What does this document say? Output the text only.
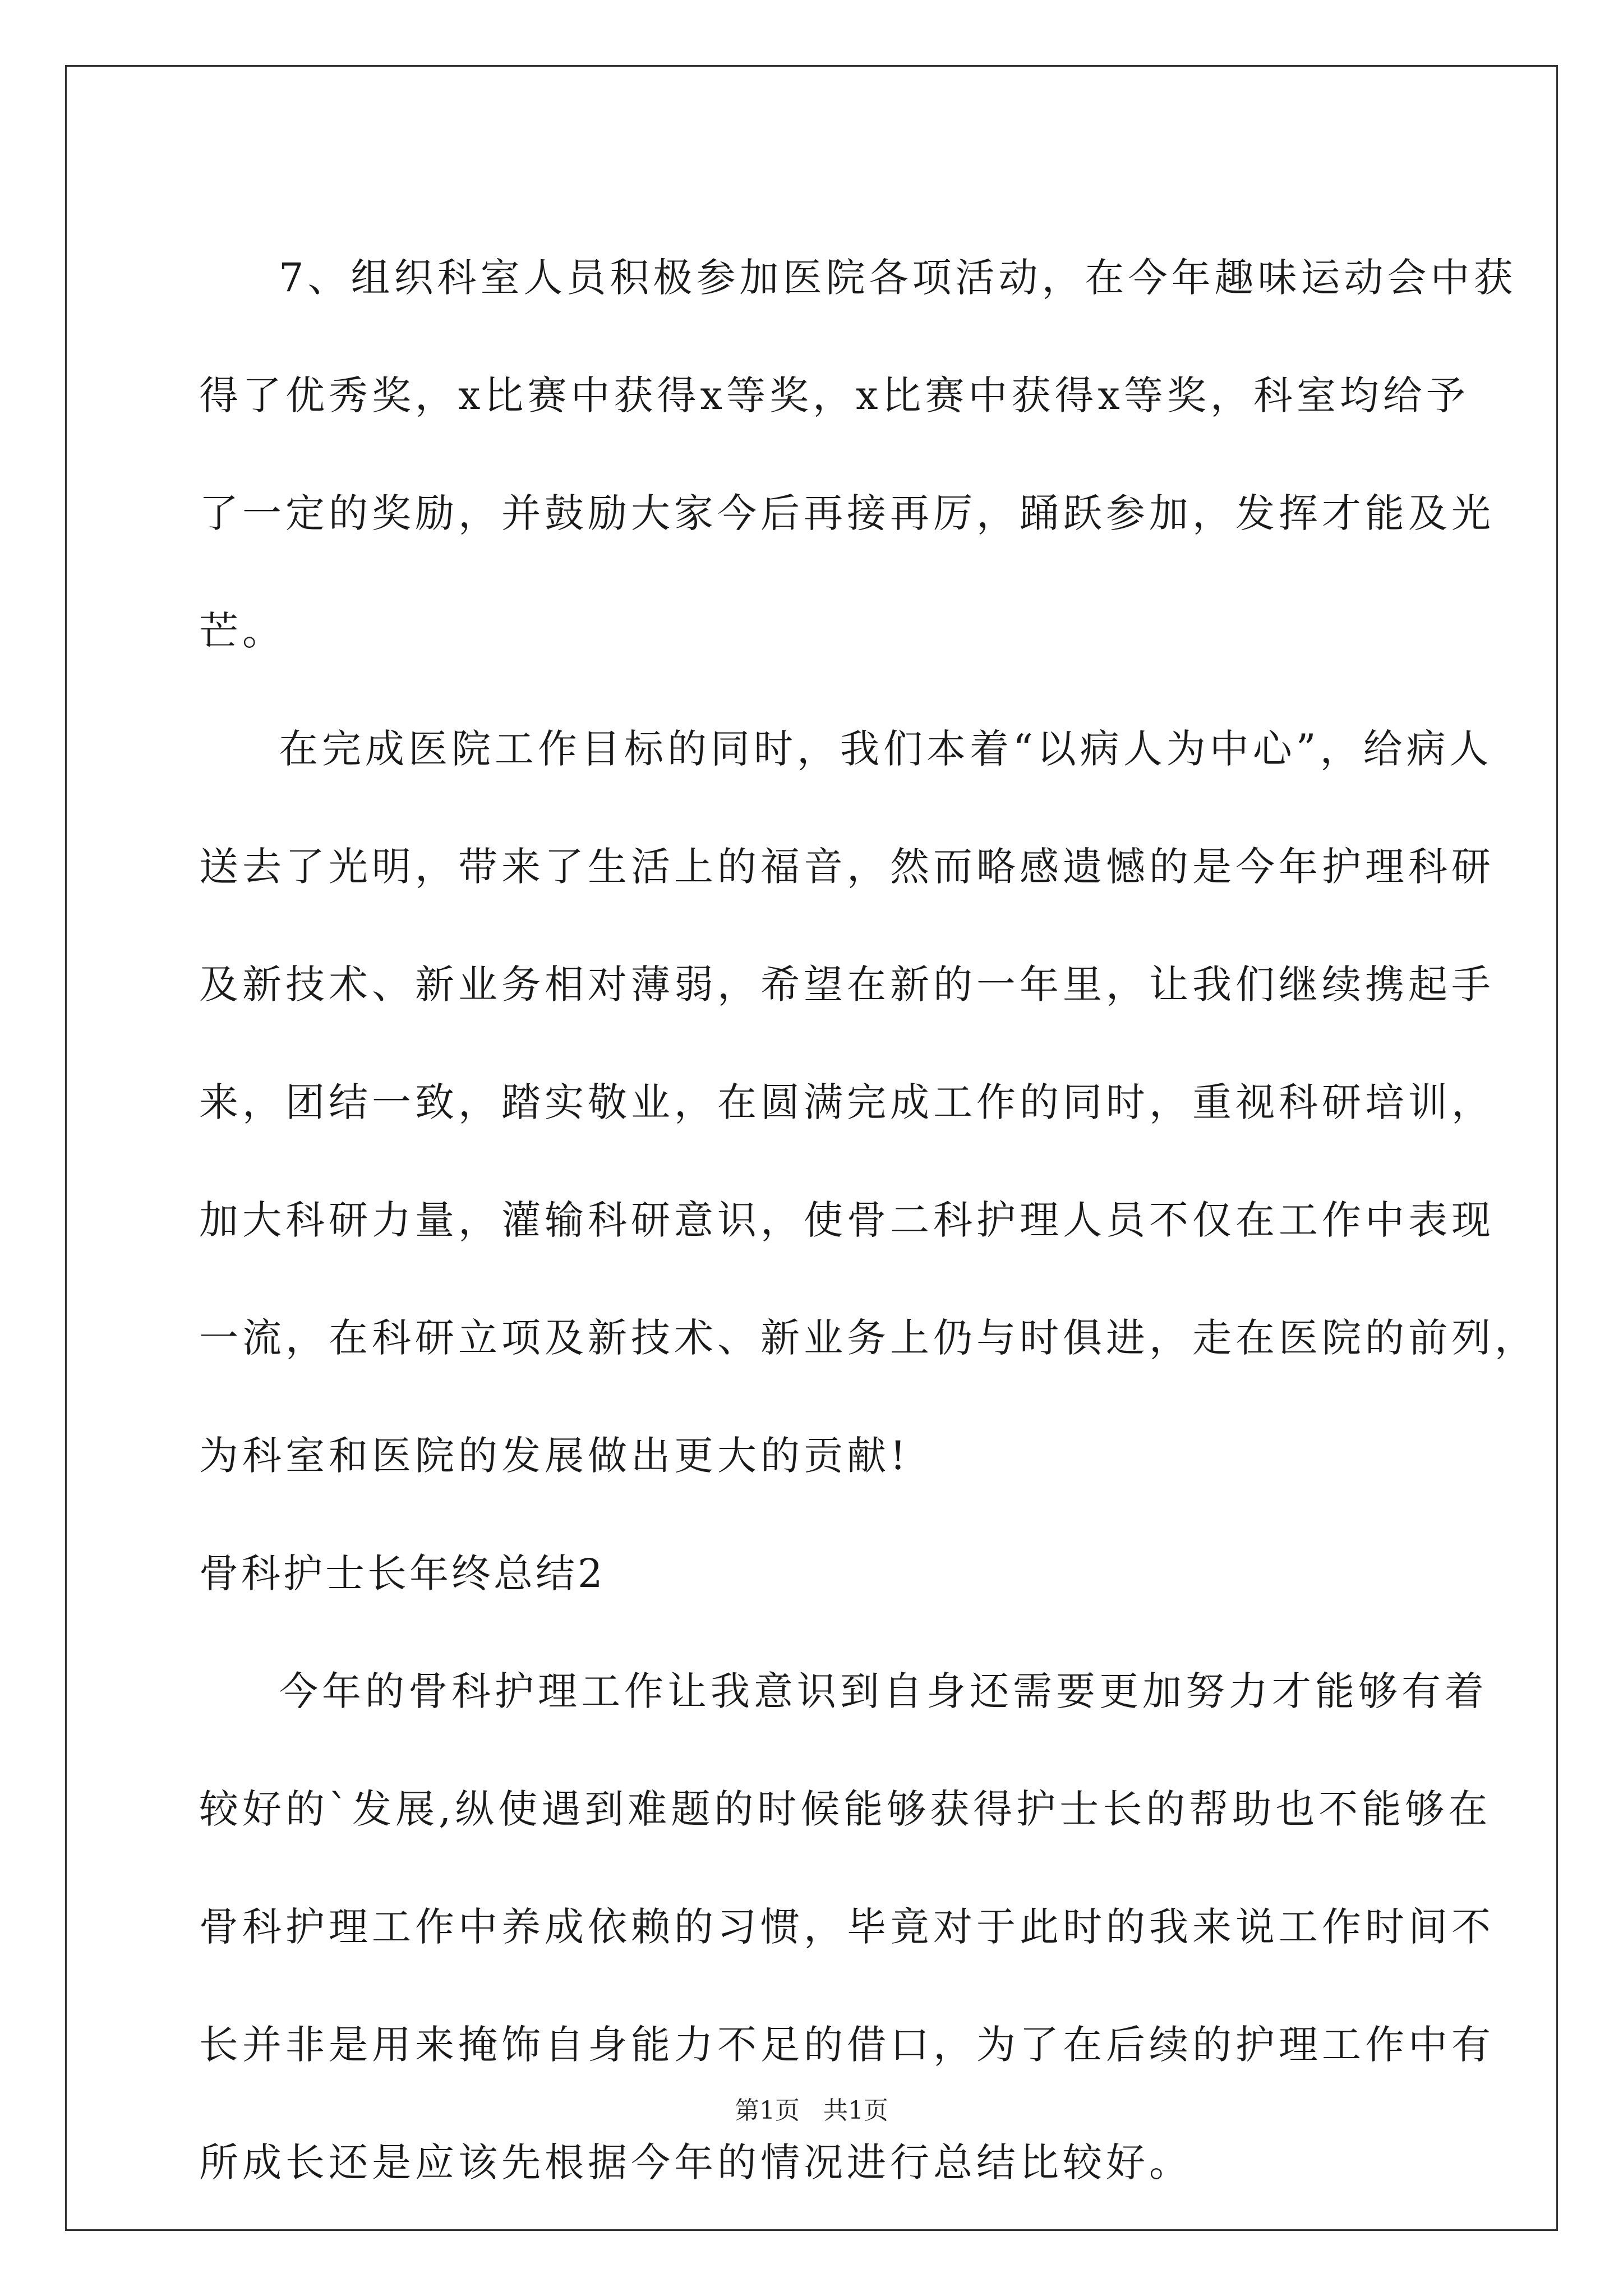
7、组织科室人员积极参加医院各项活动，在今年趣味运动会中获
得了优秀奖，x比赛中获得x等奖，x比赛中获得x等奖，科室均给予
了一定的奖励，并鼓励大家今后再接再厉，踊跃参加，发挥才能及光
芒。
在完成医院工作目标的同时，我们本着“以病人为中心”，给病人
送去了光明，带来了生活上的福音，然而略感遗憾的是今年护理科研
及新技术、新业务相对薄弱，希望在新的一年里，让我们继续携起手
来，团结一致，踏实敬业，在圆满完成工作的同时，重视科研培训，
加大科研力量，灌输科研意识，使骨二科护理人员不仅在工作中表现
一流，在科研立项及新技术、新业务上仍与时俱进，走在医院的前列，
为科室和医院的发展做出更大的贡献!
骨科护士长年终总结2
今年的骨科护理工作让我意识到自身还需要更加努力才能够有着
较好的`发展,纵使遇到难题的时候能够获得护士长的帮助也不能够在
骨科护理工作中养成依赖的习惯，毕竟对于此时的我来说工作时间不
长并非是用来掩饰自身能力不足的借口，为了在后续的护理工作中有
所成长还是应该先根据今年的情况进行总结比较好。
第1页 共1页
